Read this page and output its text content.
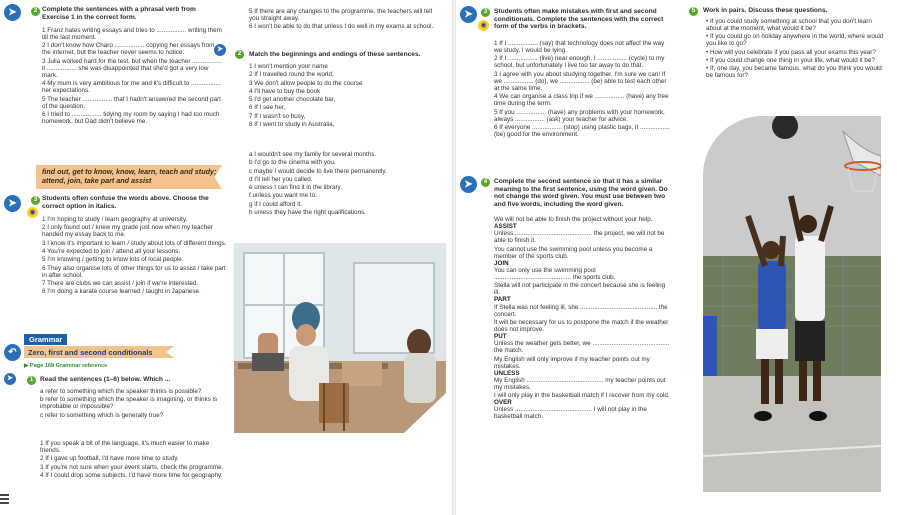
➤	2 Complete the sentences with a phrasal verb from Exercise 1 in the correct form.
1 Franz hates writing essays and tries to ................. writing them till the last moment.
2 I don't know how Charo ................. copying her essays from the internet, but the teacher never seems to notice.
3 Julia worked hard for the test, but when the teacher ................. it ................. she was disappointed that she'd got a very low mark.
4 My mum is very ambitious for me and it's difficult to ................. her expectations.
5 The teacher ................. that I hadn't answered the second part of the question.
6 I tried to ................. tidying my room by saying I had too much homework, but Dad didn't believe me.
find out, get to know, know, learn, teach and study; attend, join, take part and assist
➤	3
◉
Students often confuse the words above. Choose the correct option in italics.
1 I'm hoping to study / learn geography at university.
2 I only found out / knew my grade just now when my teacher handed my essay back to me.
3 I know it's important to learn / study about lots of different things.
4 You're expected to join / attend all your lessons.
5 I'm knowing / getting to know lots of local people.
6 They also organise lots of other things for us to assist / take part in after school.
7 There are clubs we can assist / join if we're interested.
8 I'm doing a karate course learned / taught in Japanese.
Grammar
↶	Zero, first and second conditionals
▶ Page 168 Grammar reference
➤	1	Read the sentences (1–6) below. Which ...
a refer to something which the speaker thinks is possible?
b refer to something which the speaker is imagining, or thinks is improbable or impossible?
c refer to something which is generally true?
1 If you speak a bit of the language, it's much easier to make friends.
2 If I gave up football, I'd have more time to study.
3 If you're not sure when your event starts, check the programme.
4 If I could drop some subjects, I'd have more time for geography.
5 If there are any changes to the programme, the teachers will tell you straight away.
6 I won't be able to do that unless I do well in my exams at school.
➤
2	Match the beginnings and endings of these sentences.
1 I won't mention your name
2 If I travelled round the world,
3 We don't allow people to do the course
4 I'll have to buy the book
5 I'd get another chocolate bar,
6 If I see her,
7 If I wasn't so busy,
8 If I went to study in Australia,
a I wouldn't see my family for several months.
b I'd go to the cinema with you.
c maybe I would decide to live there permanently.
d I'll tell her you called.
e unless I can find it in the library.
f unless you want me to.
g if I could afford it.
h unless they have the right qualifications.
➤	3
◉
Students often make mistakes with first and second conditionals. Complete the sentences with the correct form of the verbs in brackets.
1 If I ................. (say) that technology does not affect the way we study, I would be lying.
2 If I ................. (live) near enough, I ................. (cycle) to my school, but unfortunately I live too far away to do that.
3 I agree with you about studying together. I'm sure we can! If we ................. (do), we ................. (be) able to test each other at the same time.
4 We can organise a class trip if we ................. (have) any free time during the term.
5 If you ................. (have) any problems with your homework, always ................. (ask) your teacher for advice.
6 If everyone ................. (stop) using plastic bags, it ................. (be) good for the environment.
➤	4	Complete the second sentence so that it has a similar meaning to the first sentence, using the word given. Do not change the word given. You must use between two and five words, including the word given.
We will not be able to finish the project without your help.
ASSIST
Unless ............................................ the project, we will not be able to finish it.
You cannot use the swimming pool unless you become a member of the sports club.
JOIN
You can only use the swimming pool ............................................ the sports club.
Stella will not participate in the concert because she is feeling ill.
PART
If Stella was not feeling ill, she ............................................ the concert.
It will be necessary for us to postpone the match if the weather does not improve.
PUT
Unless the weather gets better, we ............................................ the match.
My English will only improve if my teacher points out my mistakes.
UNLESS
My English ............................................ my teacher points out my mistakes.
I will only play in the basketball match if I recover from my cold.
OVER
Unless ............................................ I will not play in the basketball match.
5	Work in pairs. Discuss these questions.
• If you could study something at school that you don't learn about at the moment, what would it be?
• If you could go on holiday anywhere in the world, where would you like to go?
• How will you celebrate if you pass all your exams this year?
• If you could change one thing in your life, what would it be?
• If, one day, you became famous, what do you think you would be famous for?
